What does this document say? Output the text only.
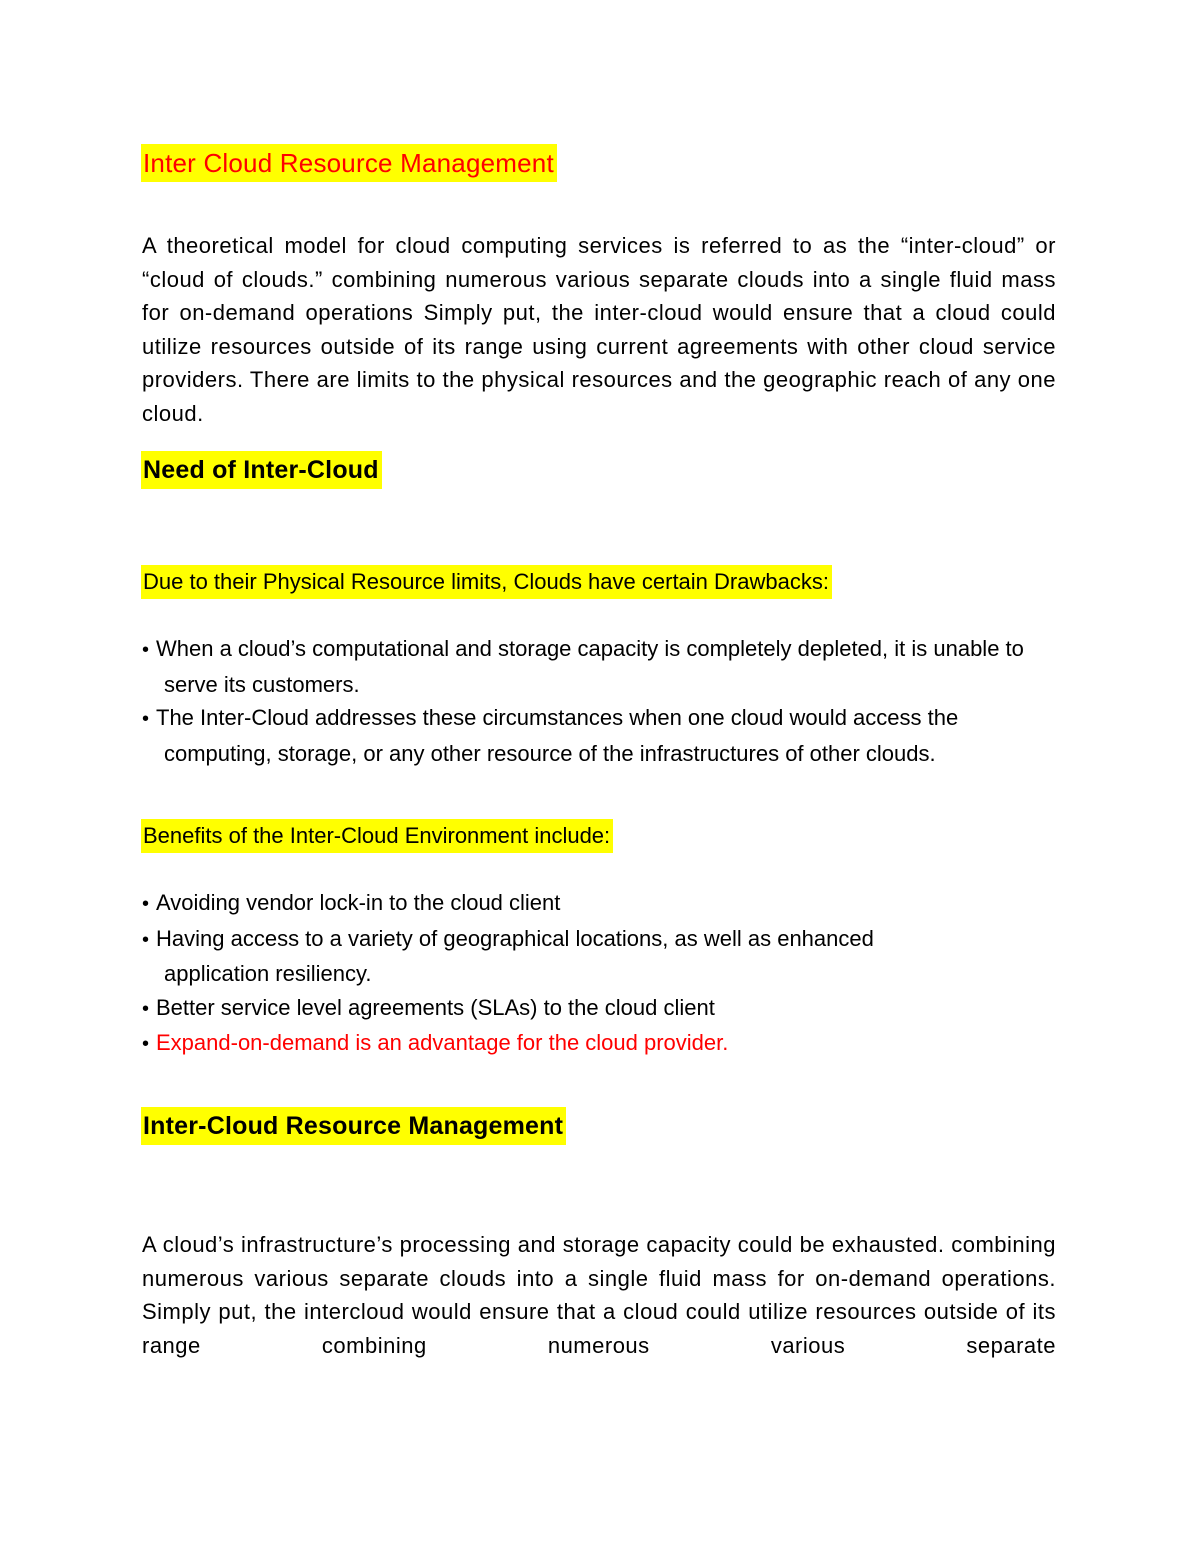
Inter Cloud Resource Management

A theoretical model for cloud computing services is referred to as the “inter-cloud” or “cloud of clouds.” combining numerous various separate clouds into a single fluid mass for on-demand operations Simply put, the inter-cloud would ensure that a cloud could utilize resources outside of its range using current agreements with other cloud service providers. There are limits to the physical resources and the geographic reach of any one cloud.

Need of Inter-Cloud
Due to their Physical Resource limits, Clouds have certain Drawbacks:
• When a cloud’s computational and storage capacity is completely depleted, it is unable to serve its customers.
• The Inter-Cloud addresses these circumstances when one cloud would access the computing, storage, or any other resource of the infrastructures of other clouds.
Benefits of the Inter-Cloud Environment include:
• Avoiding vendor lock-in to the cloud client
• Having access to a variety of geographical locations, as well as enhanced application resiliency.
• Better service level agreements (SLAs) to the cloud client
• Expand-on-demand is an advantage for the cloud provider.
Inter-Cloud Resource Management

A cloud’s infrastructure’s processing and storage capacity could be exhausted. combining numerous various separate clouds into a single fluid mass for on-demand operations. Simply put, the intercloud would ensure that a cloud could utilize resources outside of its range combining numerous various separate
